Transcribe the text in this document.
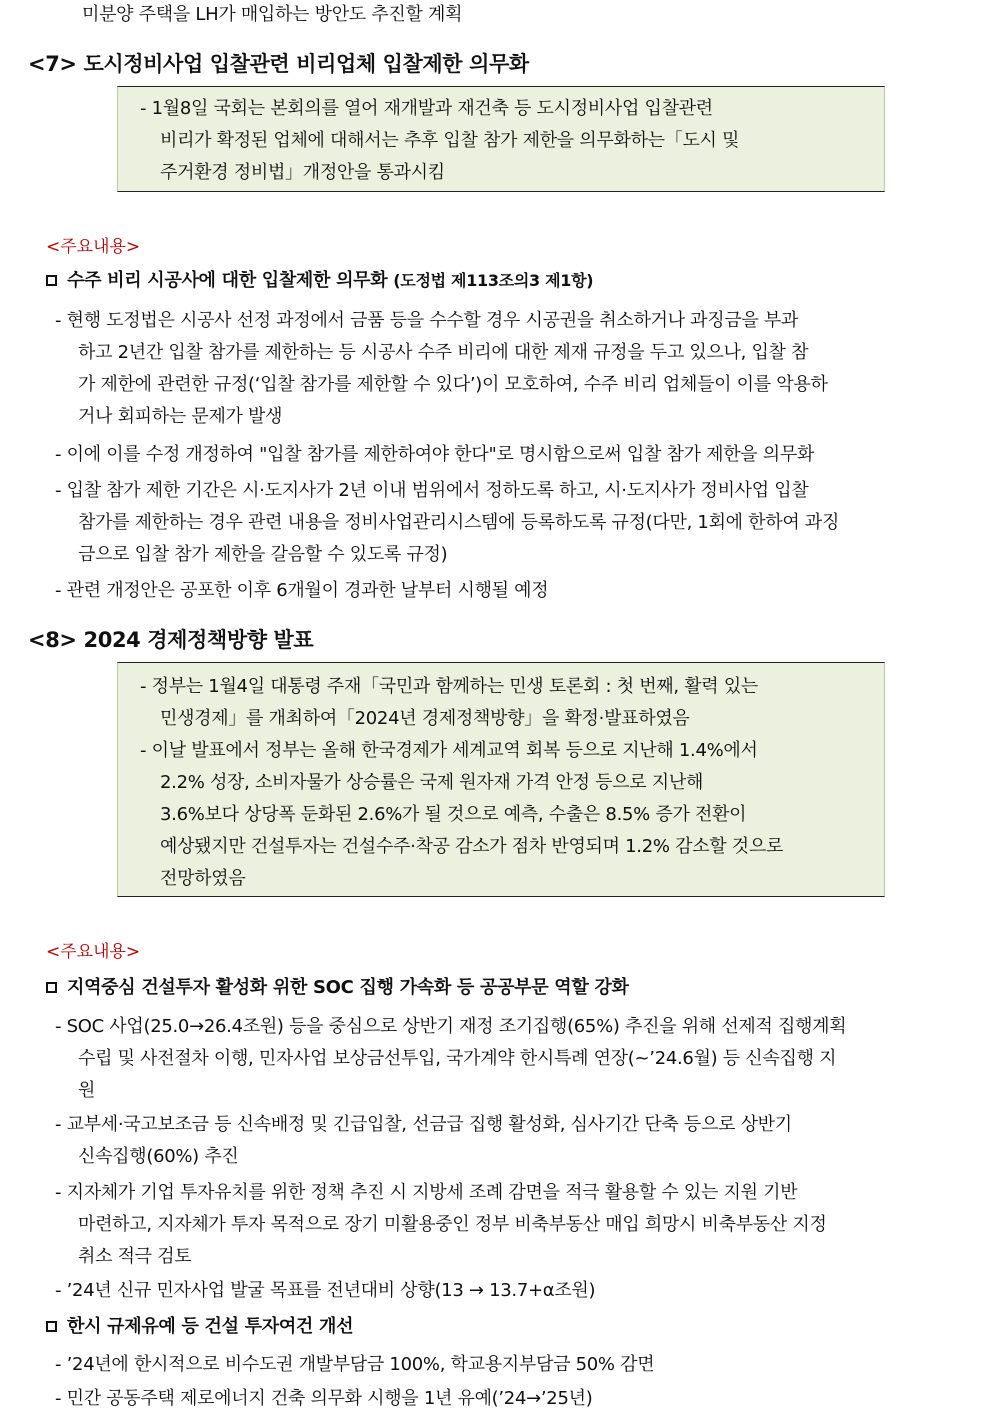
미분양 주택을 LH가 매입하는 방안도 추진할 계획
<7> 도시정비사업 입찰관련 비리업체 입찰제한 의무화
- 1월8일 국회는 본회의를 열어 재개발과 재건축 등 도시정비사업 입찰관련
비리가 확정된 업체에 대해서는 추후 입찰 참가 제한을 의무화하는「도시 및
주거환경 정비법」개정안을 통과시킴
<주요내용>
수주 비리 시공사에 대한 입찰제한 의무화 (도정법 제113조의3 제1항)
- 현행 도정법은 시공사 선정 과정에서 금품 등을 수수할 경우 시공권을 취소하거나 과징금을 부과
하고 2년간 입찰 참가를 제한하는 등 시공사 수주 비리에 대한 제재 규정을 두고 있으나, 입찰 참
가 제한에 관련한 규정(‘입찰 참가를 제한할 수 있다’)이 모호하여, 수주 비리 업체들이 이를 악용하
거나 회피하는 문제가 발생
- 이에 이를 수정 개정하여 "입찰 참가를 제한하여야 한다"로 명시함으로써 입찰 참가 제한을 의무화
- 입찰 참가 제한 기간은 시·도지사가 2년 이내 범위에서 정하도록 하고, 시·도지사가 정비사업 입찰
참가를 제한하는 경우 관련 내용을 정비사업관리시스템에 등록하도록 규정(다만, 1회에 한하여 과징
금으로 입찰 참가 제한을 갈음할 수 있도록 규정)
- 관련 개정안은 공포한 이후 6개월이 경과한 날부터 시행될 예정
<8> 2024 경제정책방향 발표
- 정부는 1월4일 대통령 주재「국민과 함께하는 민생 토론회 : 첫 번째, 활력 있는
민생경제」를 개최하여「2024년 경제정책방향」을 확정·발표하였음
- 이날 발표에서 정부는 올해 한국경제가 세계교역 회복 등으로 지난해 1.4%에서
2.2% 성장, 소비자물가 상승률은 국제 원자재 가격 안정 등으로 지난해
3.6%보다 상당폭 둔화된 2.6%가 될 것으로 예측, 수출은 8.5% 증가 전환이
예상됐지만 건설투자는 건설수주·착공 감소가 점차 반영되며 1.2% 감소할 것으로
전망하였음
<주요내용>
지역중심 건설투자 활성화 위한 SOC 집행 가속화 등 공공부문 역할 강화
- SOC 사업(25.0→26.4조원) 등을 중심으로 상반기 재정 조기집행(65%) 추진을 위해 선제적 집행계획
수립 및 사전절차 이행, 민자사업 보상금선투입, 국가계약 한시특례 연장(~’24.6월) 등 신속집행 지
원
- 교부세·국고보조금 등 신속배정 및 긴급입찰, 선금급 집행 활성화, 심사기간 단축 등으로 상반기
신속집행(60%) 추진
- 지자체가 기업 투자유치를 위한 정책 추진 시 지방세 조례 감면을 적극 활용할 수 있는 지원 기반
마련하고, 지자체가 투자 목적으로 장기 미활용중인 정부 비축부동산 매입 희망시 비축부동산 지정
취소 적극 검토
- ’24년 신규 민자사업 발굴 목표를 전년대비 상향(13 → 13.7+α조원)
한시 규제유예 등 건설 투자여건 개선
- ’24년에 한시적으로 비수도권 개발부담금 100%, 학교용지부담금 50% 감면
- 민간 공동주택 제로에너지 건축 의무화 시행을 1년 유예(’24→’25년)
